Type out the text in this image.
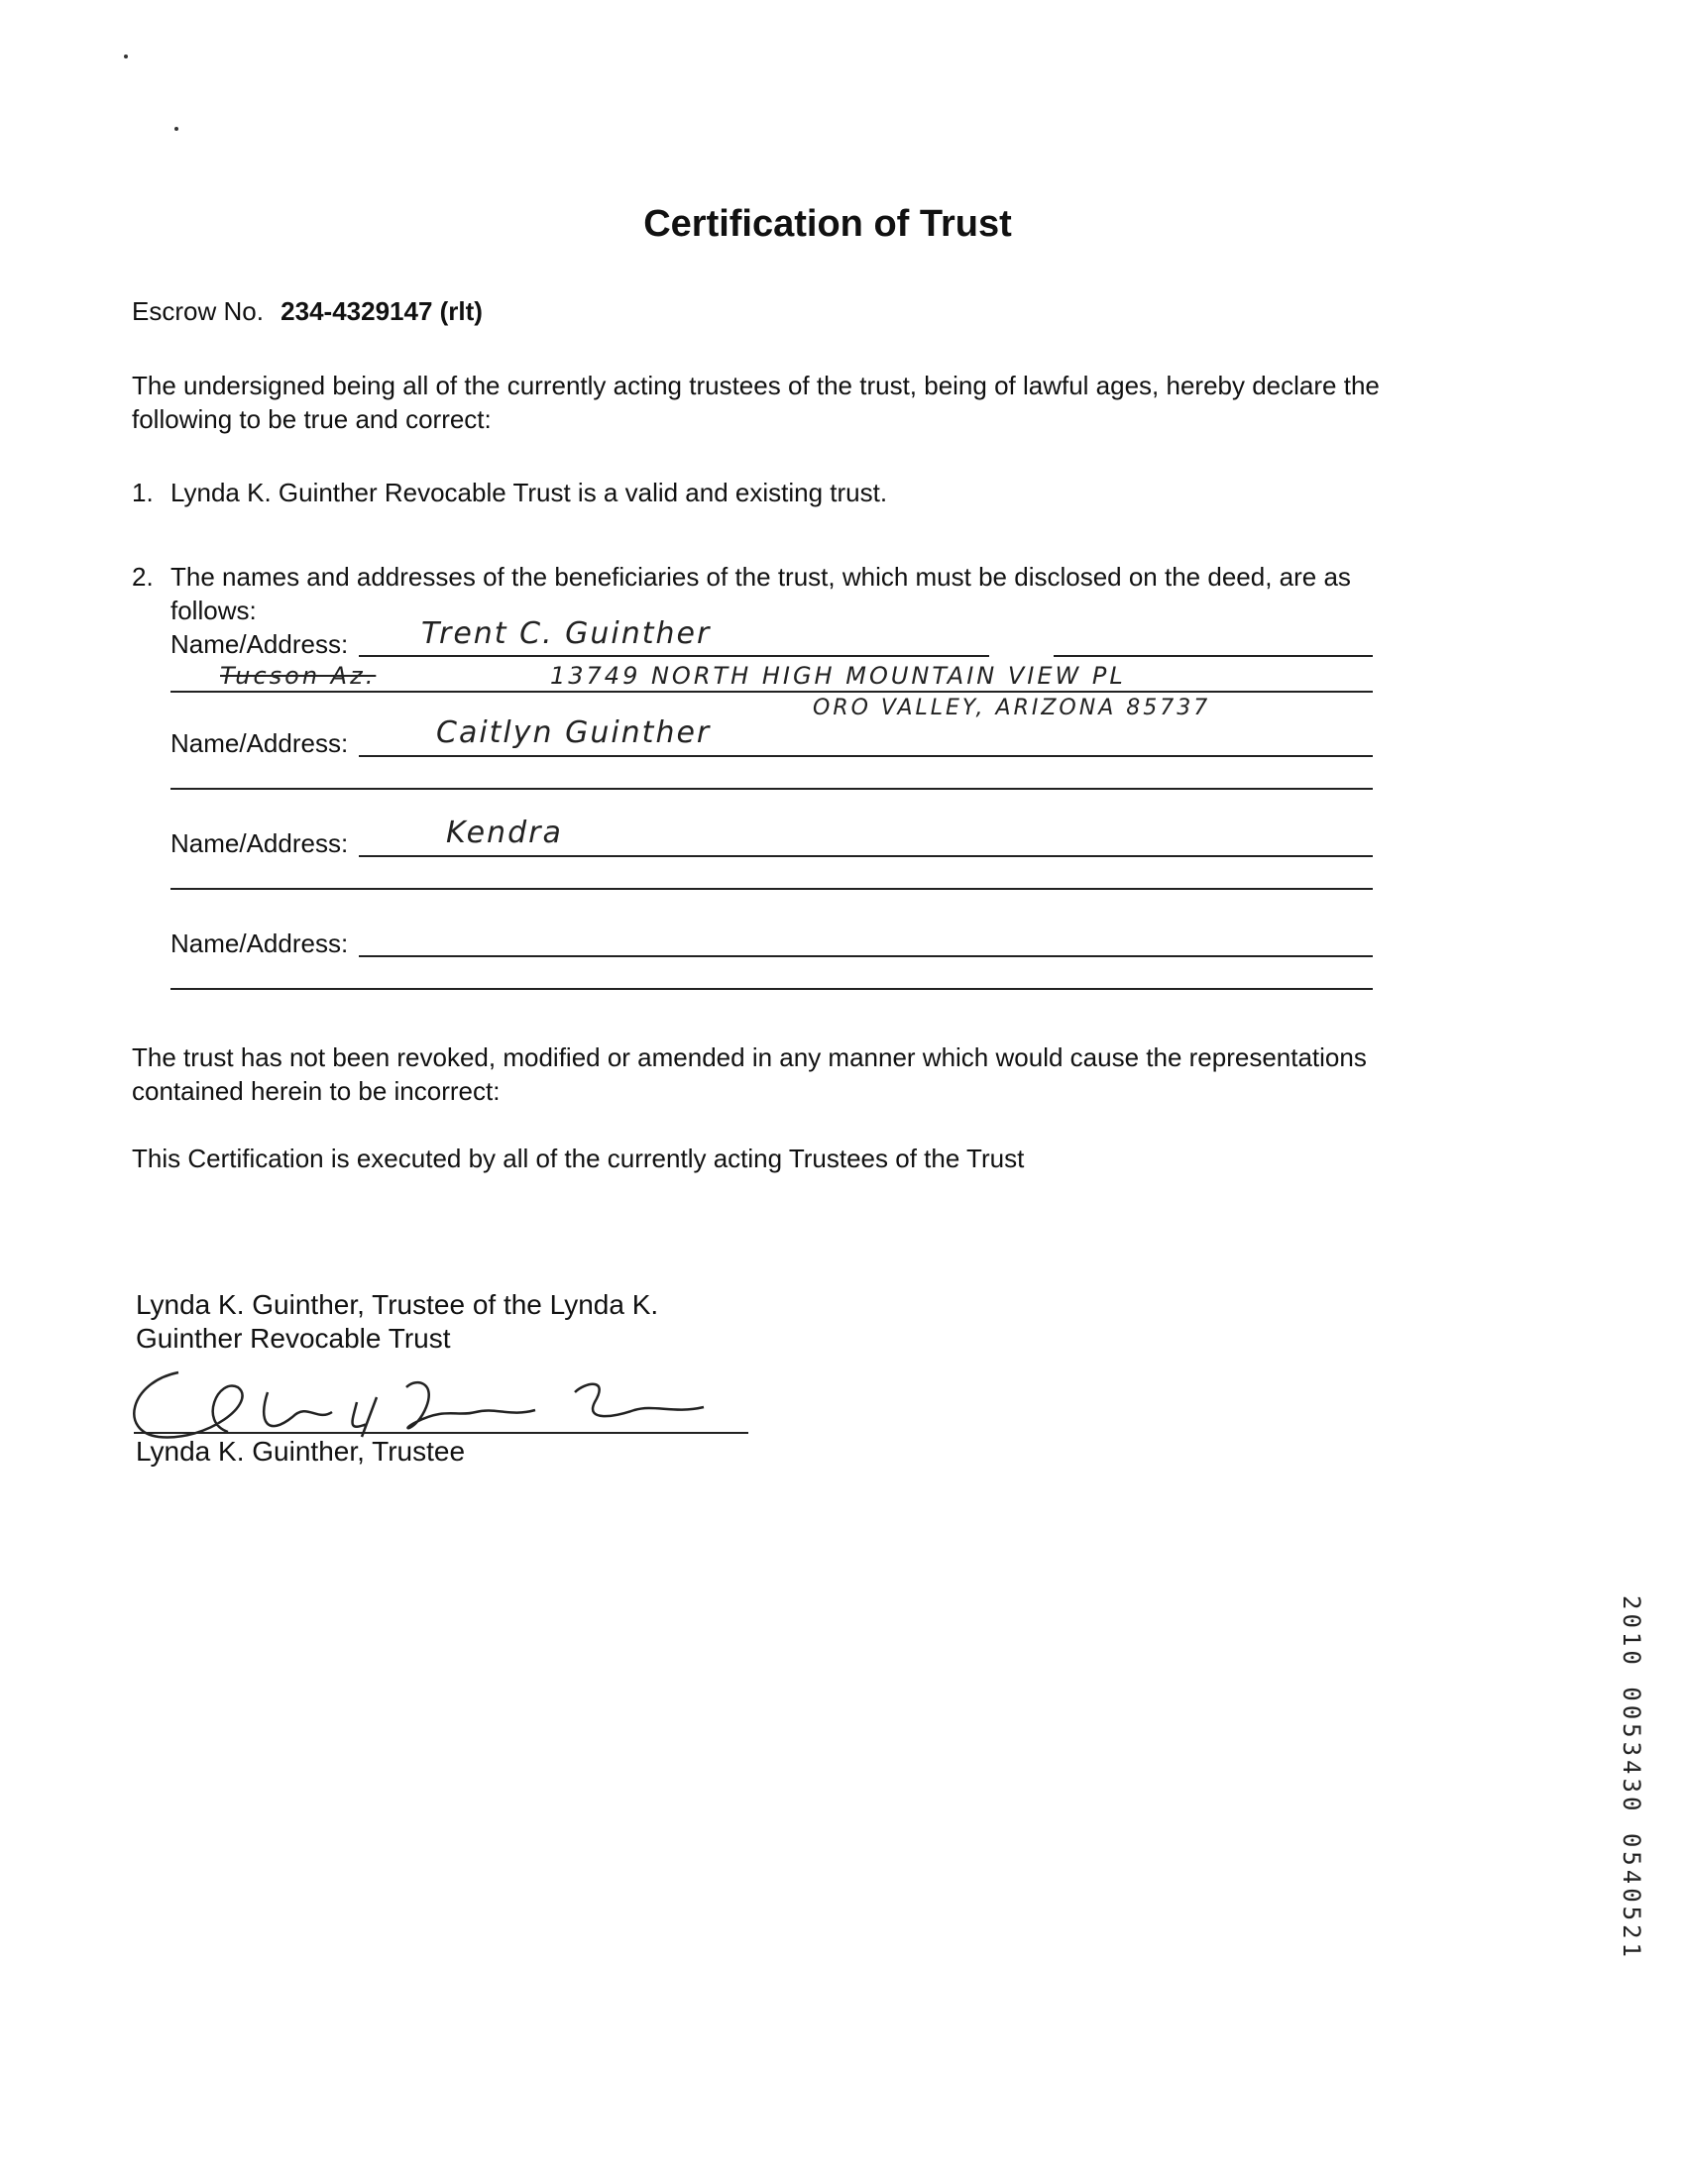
Certification of Trust
Escrow No. 234-4329147 (rlt)
The undersigned being all of the currently acting trustees of the trust, being of lawful ages, hereby declare the
following to be true and correct:
1. Lynda K. Guinther Revocable Trust is a valid and existing trust.
2. The names and addresses of the beneficiaries of the trust, which must be disclosed on the deed, are as
follows:
Name/Address: Trent C. Guinther
Tucson Az.	13749 NORTH HIGH MOUNTAIN VIEW PL
ORO VALLEY, ARIZONA 85737
Name/Address:	Caitlyn Guinther
Name/Address:	Kendra
Name/Address:
The trust has not been revoked, modified or amended in any manner which would cause the representations
contained herein to be incorrect:
This Certification is executed by all of the currently acting Trustees of the Trust
Lynda K. Guinther, Trustee of the Lynda K.
Guinther Revocable Trust
Lynda K. Guinther, Trustee
2010 0053430 0540521
